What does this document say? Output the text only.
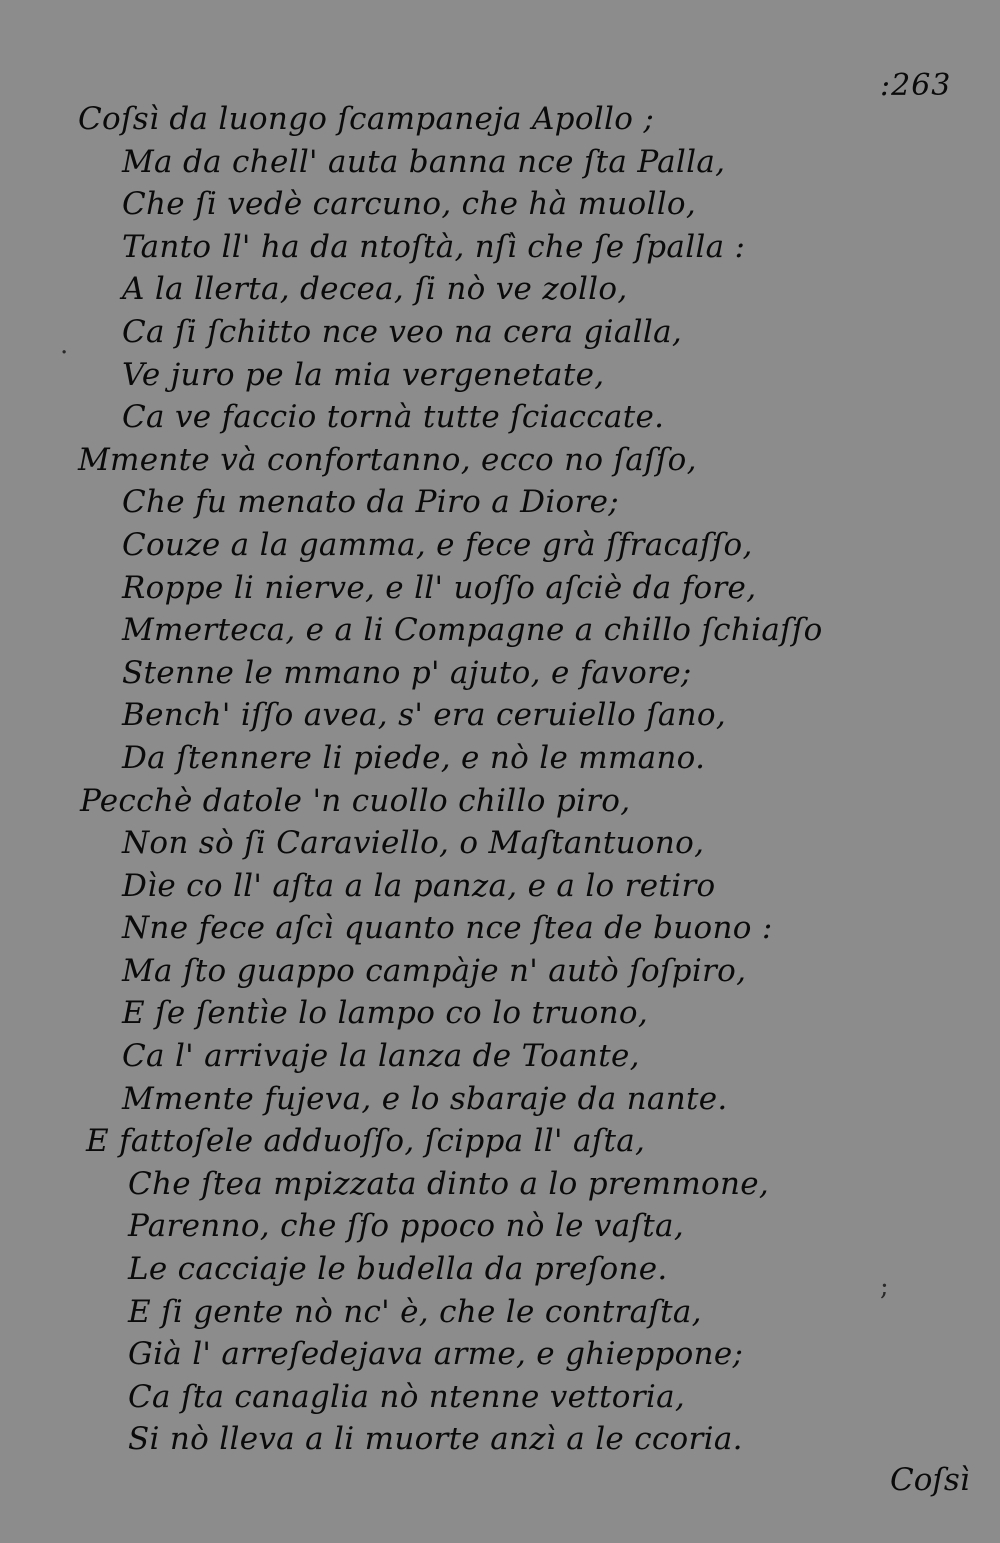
:263
Coſsì da luongo ſcampaneja Apollo ;
Ma da chell' auta banna nce ſta Palla,
Che ſi vedè carcuno, che hà muollo,
Tanto ll' ha da ntoſtà, nſì che ſe ſpalla :
A la llerta, decea, ſi nò ve zollo,
Ca ſi ſchitto nce veo na cera gialla,
Ve juro pe la mia vergenetate,
Ca ve faccio tornà tutte ſciaccate.
Mmente và confortanno, ecco no ſaſſo,
Che fu menato da Piro a Diore;
Couze a la gamma, e fece grà ſfracaſſo,
Roppe li nierve, e ll' uoſſo aſciè da fore,
Mmerteca, e a li Compagne a chillo ſchiaſſo
Stenne le mmano p' ajuto, e favore;
Bench' iſſo avea, s' era ceruiello ſano,
Da ſtennere li piede, e nò le mmano.
Pecchè datole 'n cuollo chillo piro,
Non sò ſi Caraviello, o Maſtantuono,
Dìe co ll' aſta a la panza, e a lo retiro
Nne fece aſcì quanto nce ſtea de buono :
Ma ſto guappo campàje n' autò ſoſpiro,
E ſe ſentìe lo lampo co lo truono,
Ca l' arrivaje la lanza de Toante,
Mmente fujeva, e lo sbaraje da nante.
E fattoſele adduoſſo, ſcippa ll' aſta,
Che ſtea mpizzata dinto a lo premmone,
Parenno, che ſſo ppoco nò le vaſta,
Le cacciaje le budella da preſone.
E ſi gente nò nc' è, che le contraſta,
Già l' arreſedejava arme, e ghieppone;
Ca ſta canaglia nò ntenne vettoria,
Si nò lleva a li muorte anzì a le ccoria.
.
;
Coſsì
